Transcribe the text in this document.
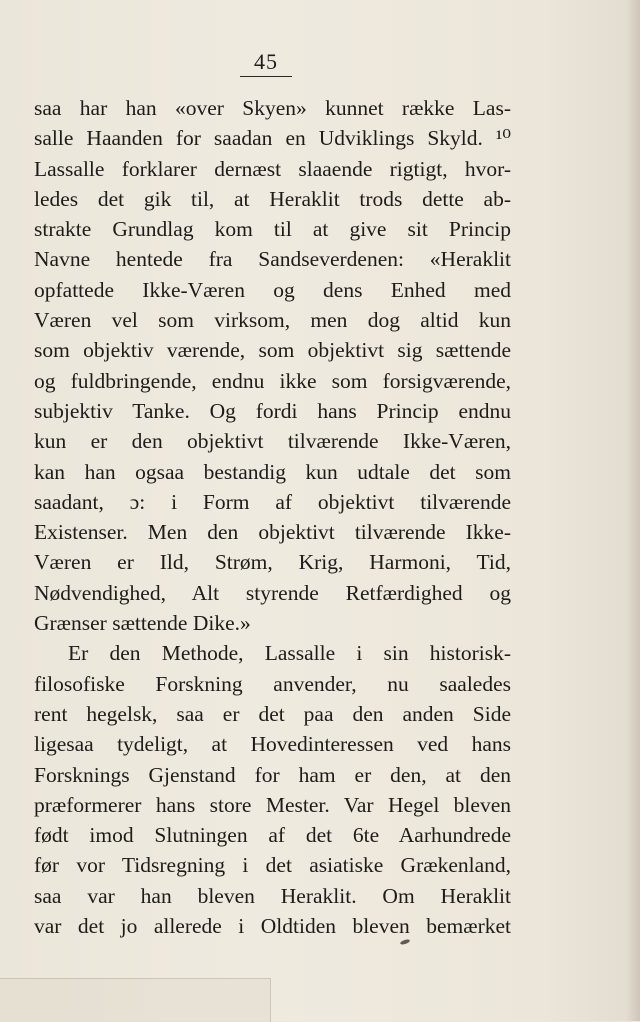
45
saa har han «over Skyen» kunnet række Las-
salle Haanden for saadan en Udviklings Skyld. ¹⁰
Lassalle forklarer dernæst slaaende rigtigt, hvor-
ledes det gik til, at Heraklit trods dette ab-
strakte Grundlag kom til at give sit Princip
Navne hentede fra Sandseverdenen: «Heraklit
opfattede Ikke-Væren og dens Enhed med
Væren vel som virksom, men dog altid kun
som objektiv værende, som objektivt sig sættende
og fuldbringende, endnu ikke som forsigværende,
subjektiv Tanke. Og fordi hans Princip endnu
kun er den objektivt tilværende Ikke-Væren,
kan han ogsaa bestandig kun udtale det som
saadant, ɔ: i Form af objektivt tilværende
Existenser. Men den objektivt tilværende Ikke-
Væren er Ild, Strøm, Krig, Harmoni, Tid,
Nødvendighed, Alt styrende Retfærdighed og
Grænser sættende Dike.»
Er den Methode, Lassalle i sin historisk-
filosofiske Forskning anvender, nu saaledes
rent hegelsk, saa er det paa den anden Side
ligesaa tydeligt, at Hovedinteressen ved hans
Forsknings Gjenstand for ham er den, at den
præformerer hans store Mester. Var Hegel bleven
født imod Slutningen af det 6te Aarhundrede
før vor Tidsregning i det asiatiske Grækenland,
saa var han bleven Heraklit. Om Heraklit
var det jo allerede i Oldtiden bleven bemærket
